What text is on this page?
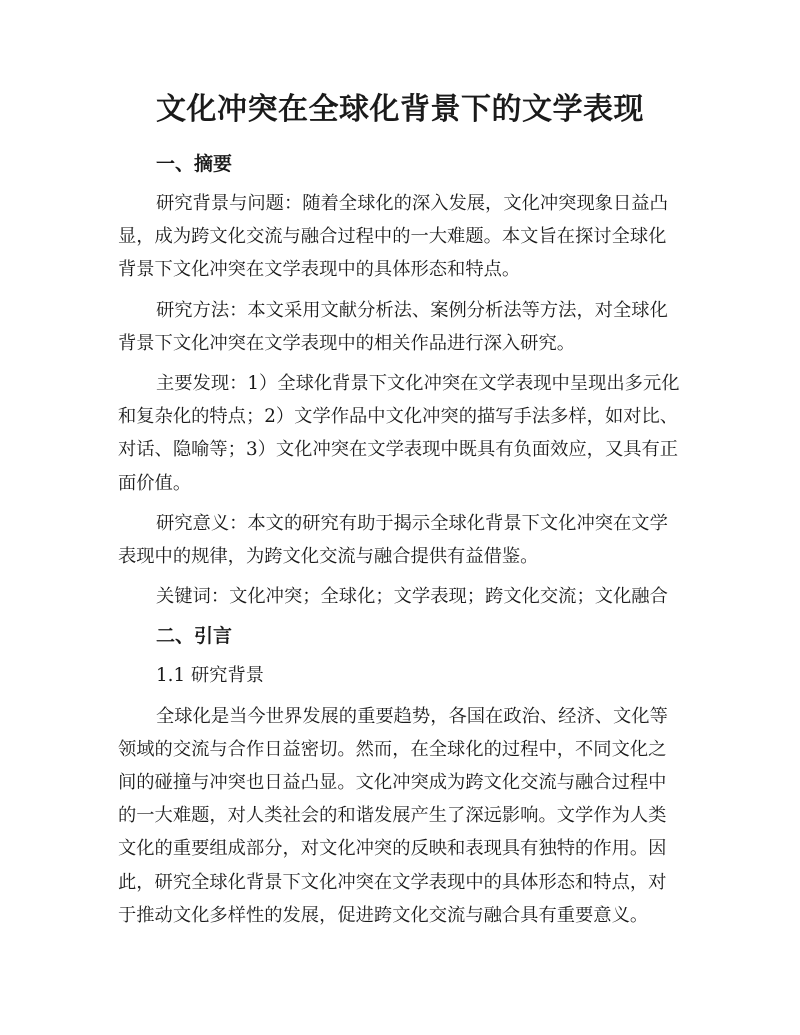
文化冲突在全球化背景下的文学表现
一、摘要
研究背景与问题：随着全球化的深入发展，文化冲突现象日益凸
显，成为跨文化交流与融合过程中的一大难题。本文旨在探讨全球化
背景下文化冲突在文学表现中的具体形态和特点。
研究方法：本文采用文献分析法、案例分析法等方法，对全球化
背景下文化冲突在文学表现中的相关作品进行深入研究。
主要发现：1）全球化背景下文化冲突在文学表现中呈现出多元化
和复杂化的特点；2）文学作品中文化冲突的描写手法多样，如对比、
对话、隐喻等；3）文化冲突在文学表现中既具有负面效应，又具有正
面价值。
研究意义：本文的研究有助于揭示全球化背景下文化冲突在文学
表现中的规律，为跨文化交流与融合提供有益借鉴。
关键词：文化冲突；全球化；文学表现；跨文化交流；文化融合
二、引言
1.1 研究背景
全球化是当今世界发展的重要趋势，各国在政治、经济、文化等
领域的交流与合作日益密切。然而，在全球化的过程中，不同文化之
间的碰撞与冲突也日益凸显。文化冲突成为跨文化交流与融合过程中
的一大难题，对人类社会的和谐发展产生了深远影响。文学作为人类
文化的重要组成部分，对文化冲突的反映和表现具有独特的作用。因
此，研究全球化背景下文化冲突在文学表现中的具体形态和特点，对
于推动文化多样性的发展，促进跨文化交流与融合具有重要意义。
